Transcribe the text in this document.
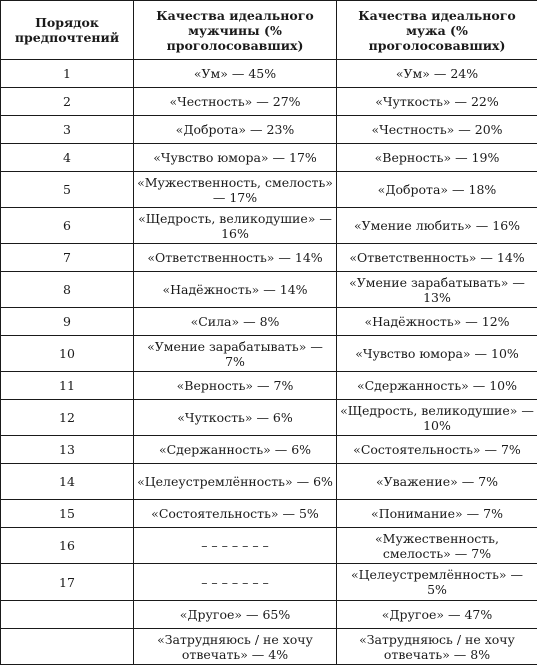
Порядок предпочтений	Качества идеального мужчины (% проголосовавших)	Качества идеального мужа (% проголосовавших)
1	«Ум» — 45%	«Ум» — 24%
2	«Честность» — 27%	«Чуткость» — 22%
3	«Доброта» — 23%	«Честность» — 20%
4	«Чувство юмора» — 17%	«Верность» — 19%
5	«Мужественность, смелость» — 17%	«Доброта» — 18%
6	«Щедрость, великодушие» — 16%	«Умение любить» — 16%
7	«Ответственность» — 14%	«Ответственность» — 14%
8	«Надёжность» — 14%	«Умение зарабатывать» — 13%
9	«Сила» — 8%	«Надёжность» — 12%
10	«Умение зарабатывать» — 7%	«Чувство юмора» — 10%
11	«Верность» — 7%	«Сдержанность» — 10%
12	«Чуткость» — 6%	«Щедрость, великодушие» — 10%
13	«Сдержанность» — 6%	«Состоятельность» — 7%
14	«Целеустремлённость» — 6%	«Уважение» — 7%
15	«Состоятельность» — 5%	«Понимание» — 7%
16	– – – – – – –	«Мужественность, смелость» — 7%
17	– – – – – – –	«Целеустремлённость» — 5%
	«Другое» — 65%	«Другое» — 47%
	«Затрудняюсь / не хочу отвечать» — 4%	«Затрудняюсь / не хочу отвечать» — 8%
